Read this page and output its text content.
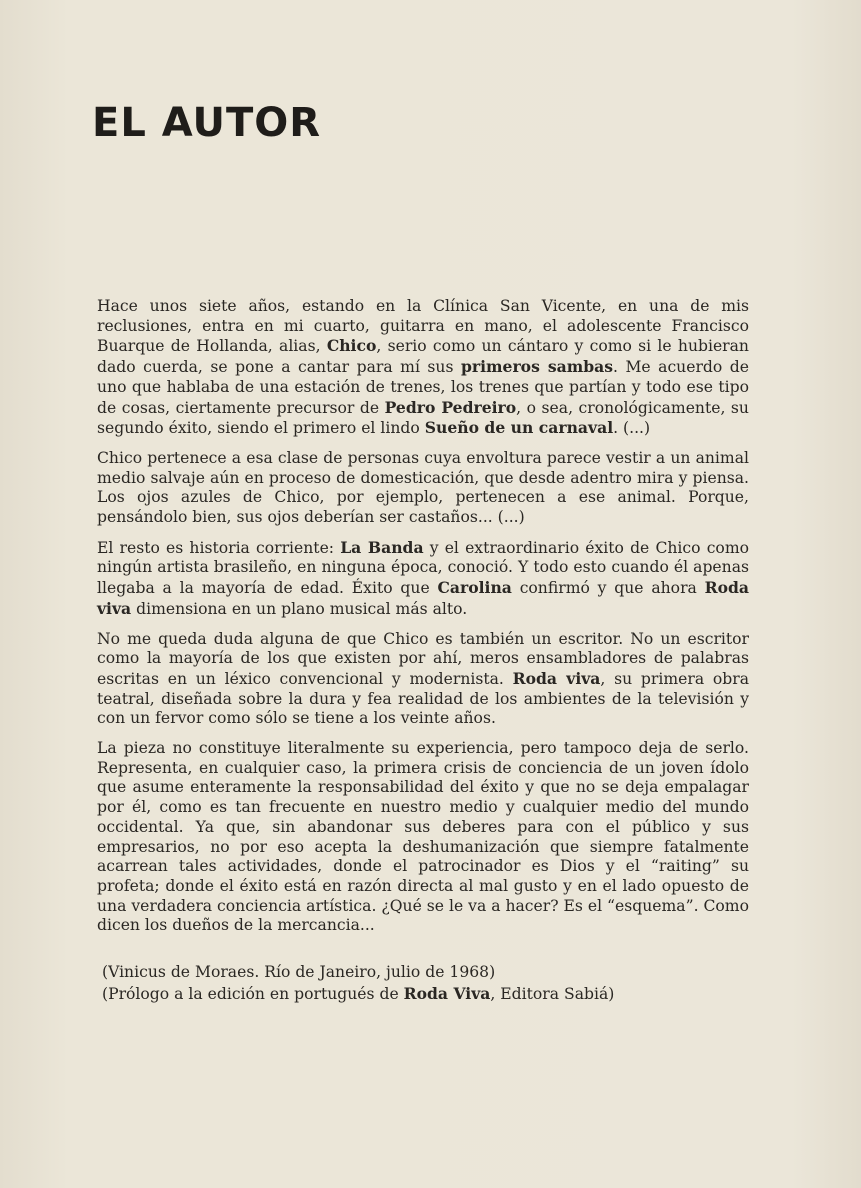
EL AUTOR

Hace unos siete años, estando en la Clínica San Vicente, en una de mis reclusiones, entra en mi cuarto, guitarra en mano, el adolescente Francisco Buarque de Hollanda, alias, Chico, serio como un cántaro y como si le hubieran dado cuerda, se pone a cantar para mí sus primeros sambas. Me acuerdo de uno que hablaba de una estación de trenes, los trenes que partían y todo ese tipo de cosas, ciertamente precursor de Pedro Pedreiro, o sea, cronológicamente, su segundo éxito, siendo el primero el lindo Sueño de un carnaval. (...)

Chico pertenece a esa clase de personas cuya envoltura parece vestir a un animal medio salvaje aún en proceso de domesticación, que desde adentro mira y piensa. Los ojos azules de Chico, por ejemplo, pertenecen a ese animal. Porque, pensándolo bien, sus ojos deberían ser castaños... (...)

El resto es historia corriente: La Banda y el extraordinario éxito de Chico como ningún artista brasileño, en ninguna época, conoció. Y todo esto cuando él apenas llegaba a la mayoría de edad. Éxito que Carolina confirmó y que ahora Roda viva dimensiona en un plano musical más alto.

No me queda duda alguna de que Chico es también un escritor. No un escritor como la mayoría de los que existen por ahí, meros ensambladores de palabras escritas en un léxico convencional y modernista. Roda viva, su primera obra teatral, diseñada sobre la dura y fea realidad de los ambientes de la televisión y con un fervor como sólo se tiene a los veinte años.

La pieza no constituye literalmente su experiencia, pero tampoco deja de serlo. Representa, en cualquier caso, la primera crisis de conciencia de un joven ídolo que asume enteramente la responsabilidad del éxito y que no se deja empalagar por él, como es tan frecuente en nuestro medio y cualquier medio del mundo occidental. Ya que, sin abandonar sus deberes para con el público y sus empresarios, no por eso acepta la deshumanización que siempre fatalmente acarrean tales actividades, donde el patrocinador es Dios y el “raiting” su profeta; donde el éxito está en razón directa al mal gusto y en el lado opuesto de una verdadera conciencia artística. ¿Qué se le va a hacer? Es el “esquema”. Como dicen los dueños de la mercancia...

(Vinicus de Moraes. Río de Janeiro, julio de 1968)
(Prólogo a la edición en portugués de Roda Viva, Editora Sabiá)
